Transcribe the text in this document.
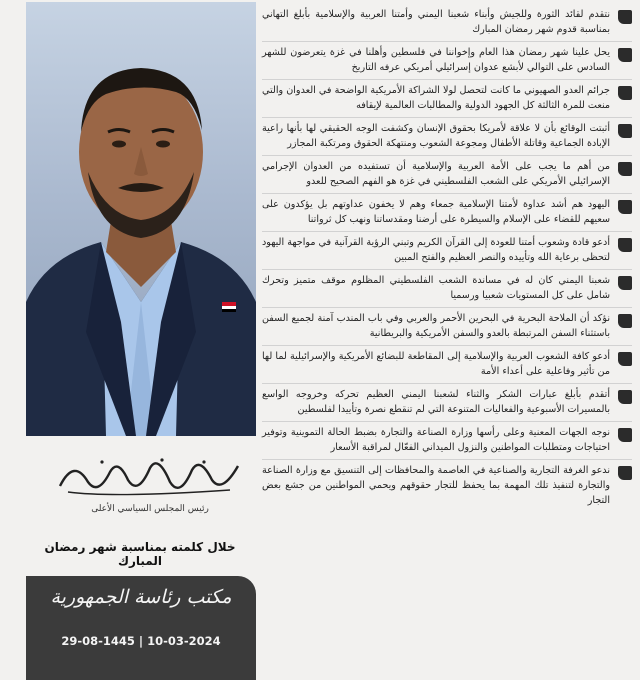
رئيس المجلس السياسي الأعلى
خلال كلمته بمناسبة شهر رمضان المبارك
مكتب رئاسة الجمهورية
29-08-1445 | 10-03-2024
نتقدم لقائد الثورة وللجيش وأبناء شعبنا اليمني وأمتنا العربية والإسلامية بأبلغ التهاني بمناسبة قدوم شهر رمضان المبارك
يحل علينا شهر رمضان هذا العام وإخواننا في فلسطين وأهلنا في غزة يتعرضون للشهر السادس على التوالي لأبشع عدوان إسرائيلي أمريكي عرفه التاريخ
جرائم العدو الصهيوني ما كانت لتحصل لولا الشراكة الأمريكية الواضحة في العدوان والتي منعت للمرة الثالثة كل الجهود الدولية والمطالبات العالمية لإيقافه
أثبتت الوقائع بأن لا علاقة لأمريكا بحقوق الإنسان وكشفت الوجه الحقيقي لها بأنها راعية الإبادة الجماعية وقاتلة الأطفال ومجوعة الشعوب ومنتهكة الحقوق ومرتكبة المجازر
من أهم ما يجب على الأمة العربية والإسلامية أن تستفيده من العدوان الإجرامي الإسرائيلي الأمريكي على الشعب الفلسطيني في غزة هو الفهم الصحيح للعدو
اليهود هم أشد عداوة لأمتنا الإسلامية جمعاء وهم لا يخفون عداوتهم بل يؤكدون على سعيهم للقضاء على الإسلام والسيطرة على أرضنا ومقدساتنا ونهب كل ثرواتنا
أدعو قادة وشعوب أمتنا للعودة إلى القرآن الكريم وتبني الرؤية القرآنية في مواجهة اليهود لتحظى برعاية الله وتأييده والنصر العظيم والفتح المبين
شعبنا اليمني كان له في مساندة الشعب الفلسطيني المظلوم موقف متميز وتحرك شامل على كل المستويات شعبيا ورسميا
نؤكد أن الملاحة البحرية في البحرين الأحمر والعربي وفي باب المندب آمنة لجميع السفن باستثناء السفن المرتبطة بالعدو والسفن الأمريكية والبريطانية
أدعو كافة الشعوب العربية والإسلامية إلى المقاطعة للبضائع الأمريكية والإسرائيلية لما لها من تأثير وفاعلية على أعداء الأمة
أتقدم بأبلغ عبارات الشكر والثناء لشعبنا اليمني العظيم تحركه وخروجه الواسع بالمسيرات الأسبوعية والفعاليات المتنوعة التي لم تنقطع نصرة وتأييدا لفلسطين
نوجه الجهات المعنية وعلى رأسها وزارة الصناعة والتجارة بضبط الحالة التموينية وتوفير احتياجات ومتطلبات المواطنين والنزول الميداني الفعّال لمراقبة الأسعار
ندعو الغرفة التجارية والصناعية في العاصمة والمحافظات إلى التنسيق مع وزارة الصناعة والتجارة لتنفيذ تلك المهمة بما يحفظ للتجار حقوقهم ويحمي المواطنين من جشع بعض التجار
